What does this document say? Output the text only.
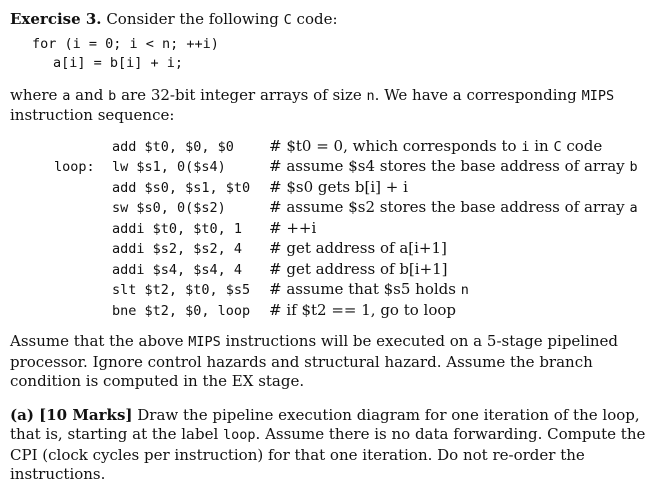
Exercise 3. Consider the following C code:
for (i = 0; i < n; ++i)
a[i] = b[i] + i;

where a and b are 32-bit integer arrays of size n. We have a corresponding MIPS instruction sequence:

	add $t0, $0, $0	# $t0 = 0, which corresponds to i in C code
loop:	lw $s1, 0($s4)	# assume $s4 stores the base address of array b
	add $s0, $s1, $t0	# $s0 gets b[i] + i
	sw $s0, 0($s2)	# assume $s2 stores the base address of array a
	addi $t0, $t0, 1	# ++i
	addi $s2, $s2, 4	# get address of a[i+1]
	addi $s4, $s4, 4	# get address of b[i+1]
	slt $t2, $t0, $s5	# assume that $s5 holds n
	bne $t2, $0, loop	# if $t2 == 1, go to loop

Assume that the above MIPS instructions will be executed on a 5-stage pipelined processor. Ignore control hazards and structural hazard. Assume the branch condition is computed in the EX stage.

(a) [10 Marks] Draw the pipeline execution diagram for one iteration of the loop, that is, starting at the label loop. Assume there is no data forwarding. Compute the CPI (clock cycles per instruction) for that one iteration. Do not re-order the instructions.
